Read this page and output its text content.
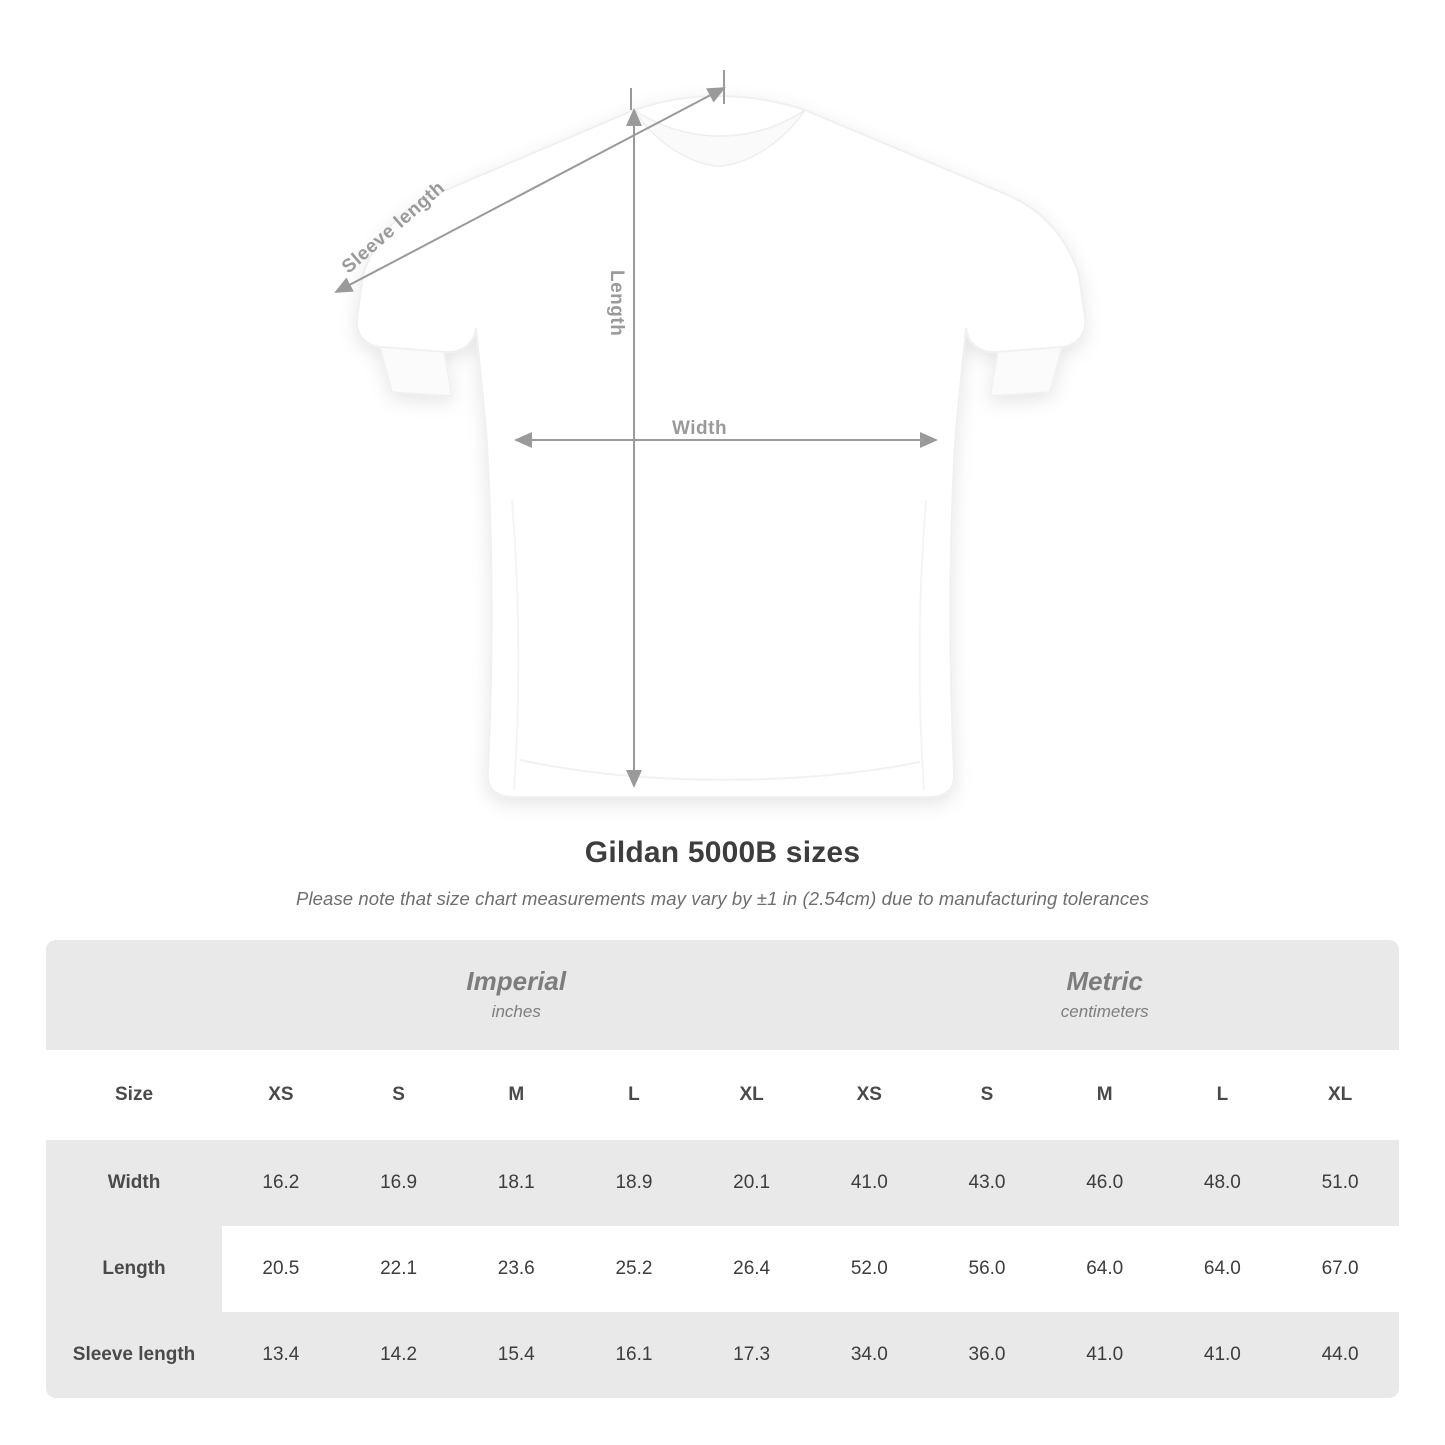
Width
Length
Sleeve length
Gildan 5000B sizes
Please note that size chart measurements may vary by ±1 in (2.54cm) due to manufacturing tolerances

Imperial
inches

Metric
centimeters

Size	XS	S	M	L	XL	XS	S	M	L	XL
Width	16.2	16.9	18.1	18.9	20.1	41.0	43.0	46.0	48.0	51.0
Length	20.5	22.1	23.6	25.2	26.4	52.0	56.0	64.0	64.0	67.0
Sleeve length	13.4	14.2	15.4	16.1	17.3	34.0	36.0	41.0	41.0	44.0
